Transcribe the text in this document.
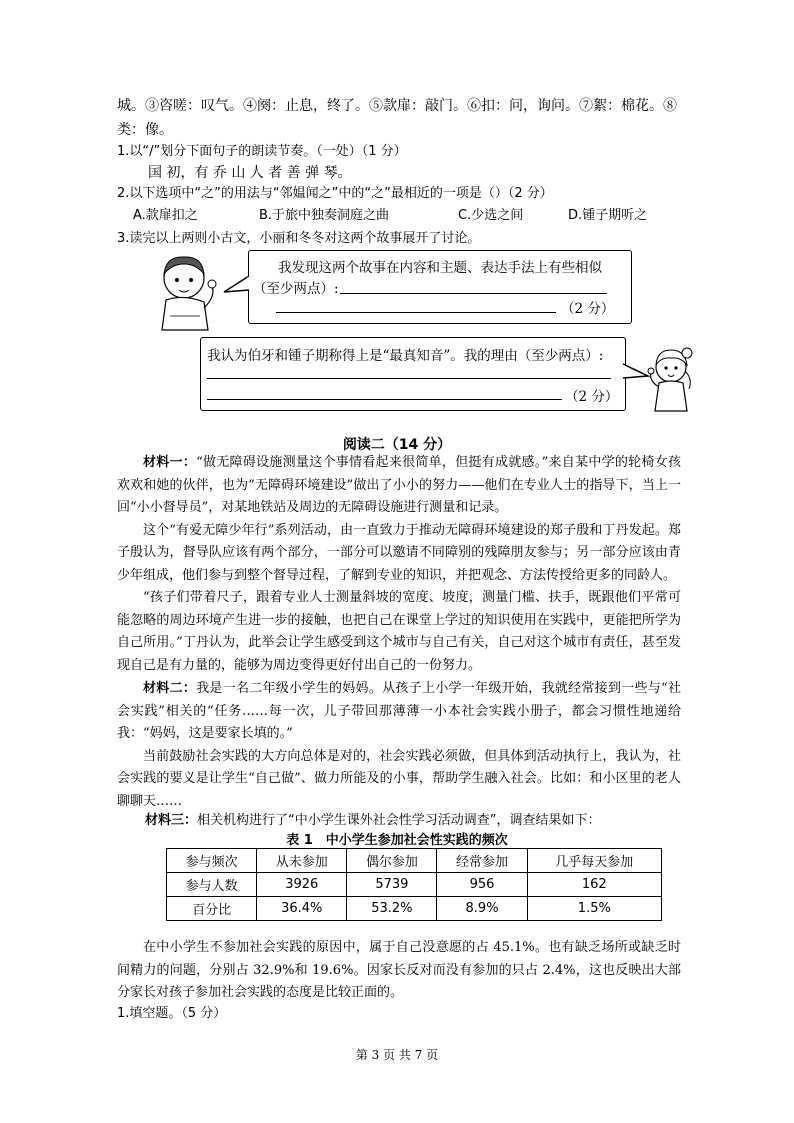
城。③咨嗟：叹气。④阕：止息，终了。⑤款扉：敲门。⑥扣：问，询问。⑦絮：棉花。⑧
类：像。
1.以“/”划分下面句子的朗读节奏。（一处）（1 分）
国 初，有 乔 山 人 者 善 弹 琴。
2.以下选项中“之”的用法与“邻媪闻之”中的“之”最相近的一项是（）（2 分）
A.款扉扣之	B.于旅中独奏洞庭之曲	C.少选之间	D.锺子期听之
3.读完以上两则小古文，小丽和冬冬对这两个故事展开了讨论。
我发现这两个故事在内容和主题、表达手法上有些相似
（至少两点）:
（2 分）
我认为伯牙和锺子期称得上是“最真知音”。我的理由（至少两点）:
（2 分）
阅读二（14 分）

材料一：“做无障碍设施测量这个事情看起来很简单，但挺有成就感。”来自某中学的轮椅女孩欢欢和她的伙伴，也为“无障碍环境建设”做出了小小的努力——他们在专业人士的指导下，当上一回“小小督导员”，对某地铁站及周边的无障碍设施进行测量和记录。

这个“有爱无障少年行”系列活动，由一直致力于推动无障碍环境建设的郑子殷和丁丹发起。郑子殷认为，督导队应该有两个部分，一部分可以邀请不同障别的残障朋友参与；另一部分应该由青少年组成，他们参与到整个督导过程，了解到专业的知识，并把观念、方法传授给更多的同龄人。

“孩子们带着尺子，跟着专业人士测量斜坡的宽度、坡度，测量门槛、扶手，既跟他们平常可能忽略的周边环境产生进一步的接触，也把自己在课堂上学过的知识使用在实践中，更能把所学为自己所用。”丁丹认为，此举会让学生感受到这个城市与自己有关，自己对这个城市有责任，甚至发现自己是有力量的，能够为周边变得更好付出自己的一份努力。

材料二：我是一名二年级小学生的妈妈。从孩子上小学一年级开始，我就经常接到一些与“社会实践”相关的“任务……每一次，儿子带回那薄薄一小本社会实践小册子，都会习惯性地递给我：“妈妈，这是要家长填的。”

当前鼓励社会实践的大方向总体是对的，社会实践必须做，但具体到活动执行上，我认为，社会实践的要义是让学生“自己做”、做力所能及的小事，帮助学生融入社会。比如：和小区里的老人聊聊天……

材料三：相关机构进行了“中小学生课外社会性学习活动调查”，调查结果如下：
表 1　中小学生参加社会性实践的频次
参与频次	从未参加	偶尔参加	经常参加	几乎每天参加
参与人数	3926	5739	956	162
百分比	36.4%	53.2%	8.9%	1.5%

在中小学生不参加社会实践的原因中，属于自己没意愿的占 45.1%。也有缺乏场所或缺乏时间精力的问题，分别占 32.9%和 19.6%。因家长反对而没有参加的只占 2.4%，这也反映出大部分家长对孩子参加社会实践的态度是比较正面的。

1.填空题。（5 分）
第 3 页 共 7 页
